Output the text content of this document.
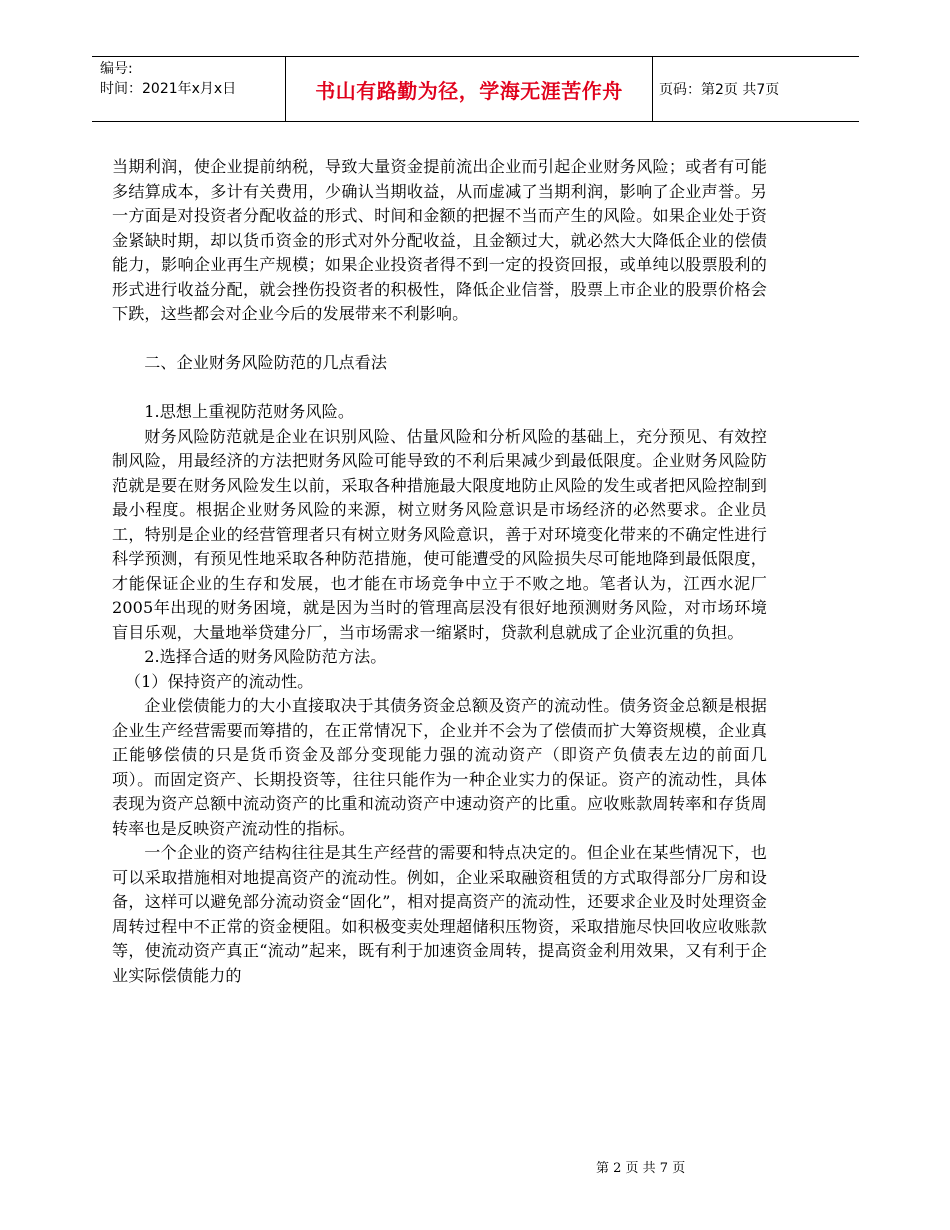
编号:
时间：2021年x月x日	书山有路勤为径，学海无涯苦作舟	页码：第2页 共7页

当期利润，使企业提前纳税，导致大量资金提前流出企业而引起企业财务风险；或者有可能多结算成本，多计有关费用，少确认当期收益，从而虚减了当期利润，影响了企业声誉。另一方面是对投资者分配收益的形式、时间和金额的把握不当而产生的风险。如果企业处于资金紧缺时期，却以货币资金的形式对外分配收益，且金额过大，就必然大大降低企业的偿债能力，影响企业再生产规模；如果企业投资者得不到一定的投资回报，或单纯以股票股利的形式进行收益分配，就会挫伤投资者的积极性，降低企业信誉，股票上市企业的股票价格会下跌，这些都会对企业今后的发展带来不利影响。

二、企业财务风险防范的几点看法

1.思想上重视防范财务风险。

财务风险防范就是企业在识别风险、估量风险和分析风险的基础上，充分预见、有效控制风险，用最经济的方法把财务风险可能导致的不利后果减少到最低限度。企业财务风险防范就是要在财务风险发生以前，采取各种措施最大限度地防止风险的发生或者把风险控制到最小程度。根据企业财务风险的来源，树立财务风险意识是市场经济的必然要求。企业员工，特别是企业的经营管理者只有树立财务风险意识，善于对环境变化带来的不确定性进行科学预测，有预见性地采取各种防范措施，使可能遭受的风险损失尽可能地降到最低限度，才能保证企业的生存和发展，也才能在市场竞争中立于不败之地。笔者认为，江西水泥厂2005年出现的财务困境，就是因为当时的管理高层没有很好地预测财务风险，对市场环境盲目乐观，大量地举贷建分厂，当市场需求一缩紧时，贷款利息就成了企业沉重的负担。

2.选择合适的财务风险防范方法。

（1）保持资产的流动性。

企业偿债能力的大小直接取决于其债务资金总额及资产的流动性。债务资金总额是根据企业生产经营需要而筹措的，在正常情况下，企业并不会为了偿债而扩大筹资规模，企业真正能够偿债的只是货币资金及部分变现能力强的流动资产（即资产负债表左边的前面几项）。而固定资产、长期投资等，往往只能作为一种企业实力的保证。资产的流动性，具体表现为资产总额中流动资产的比重和流动资产中速动资产的比重。应收账款周转率和存货周转率也是反映资产流动性的指标。

一个企业的资产结构往往是其生产经营的需要和特点决定的。但企业在某些情况下，也可以采取措施相对地提高资产的流动性。例如，企业采取融资租赁的方式取得部分厂房和设备，这样可以避免部分流动资金“固化”，相对提高资产的流动性，还要求企业及时处理资金周转过程中不正常的资金梗阻。如积极变卖处理超储积压物资，采取措施尽快回收应收账款等，使流动资产真正“流动”起来，既有利于加速资金周转，提高资金利用效果，又有利于企业实际偿债能力的

第 2 页 共 7 页
